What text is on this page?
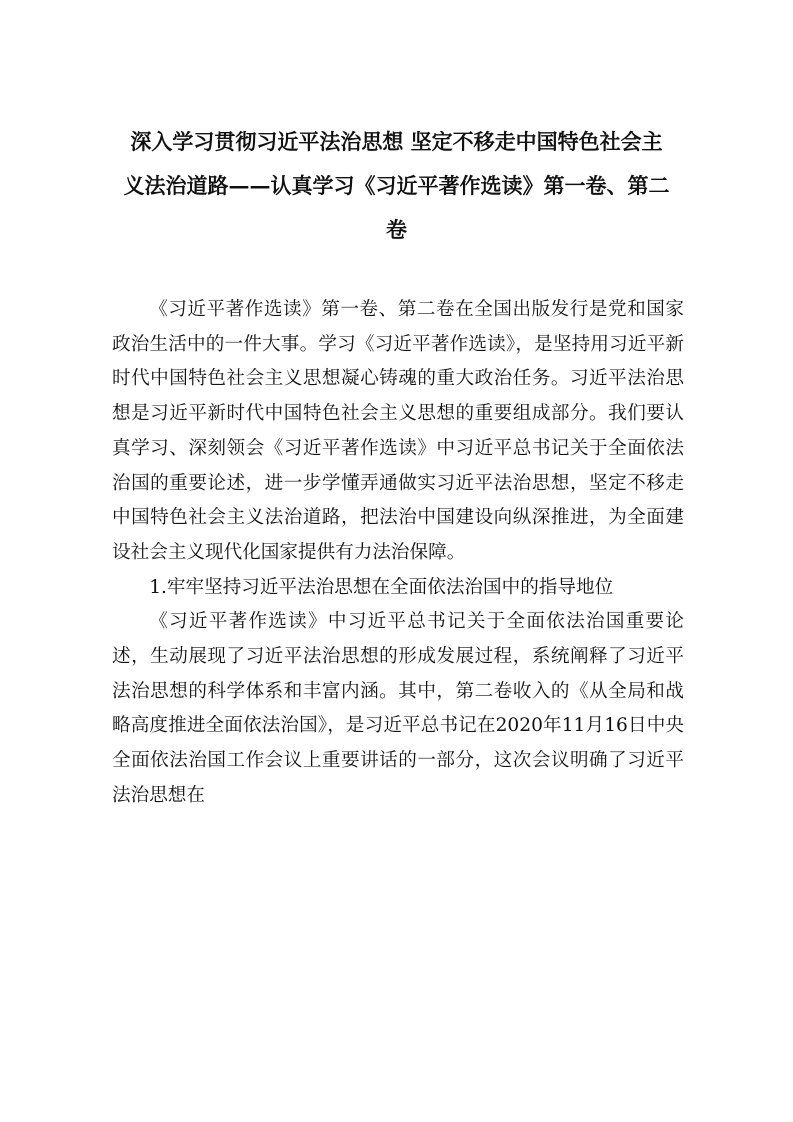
深入学习贯彻习近平法治思想 坚定不移走中国特色社会主
义法治道路——认真学习《习近平著作选读》第一卷、第二
卷

《习近平著作选读》第一卷、第二卷在全国出版发行是党和国家政治生活中的一件大事。学习《习近平著作选读》，是坚持用习近平新时代中国特色社会主义思想凝心铸魂的重大政治任务。习近平法治思想是习近平新时代中国特色社会主义思想的重要组成部分。我们要认真学习、深刻领会《习近平著作选读》中习近平总书记关于全面依法治国的重要论述，进一步学懂弄通做实习近平法治思想，坚定不移走中国特色社会主义法治道路，把法治中国建设向纵深推进，为全面建设社会主义现代化国家提供有力法治保障。

1.牢牢坚持习近平法治思想在全面依法治国中的指导地位

《习近平著作选读》中习近平总书记关于全面依法治国重要论述，生动展现了习近平法治思想的形成发展过程，系统阐释了习近平法治思想的科学体系和丰富内涵。其中，第二卷收入的《从全局和战略高度推进全面依法治国》，是习近平总书记在2020年11月16日中央全面依法治国工作会议上重要讲话的一部分，这次会议明确了习近平法治思想在
